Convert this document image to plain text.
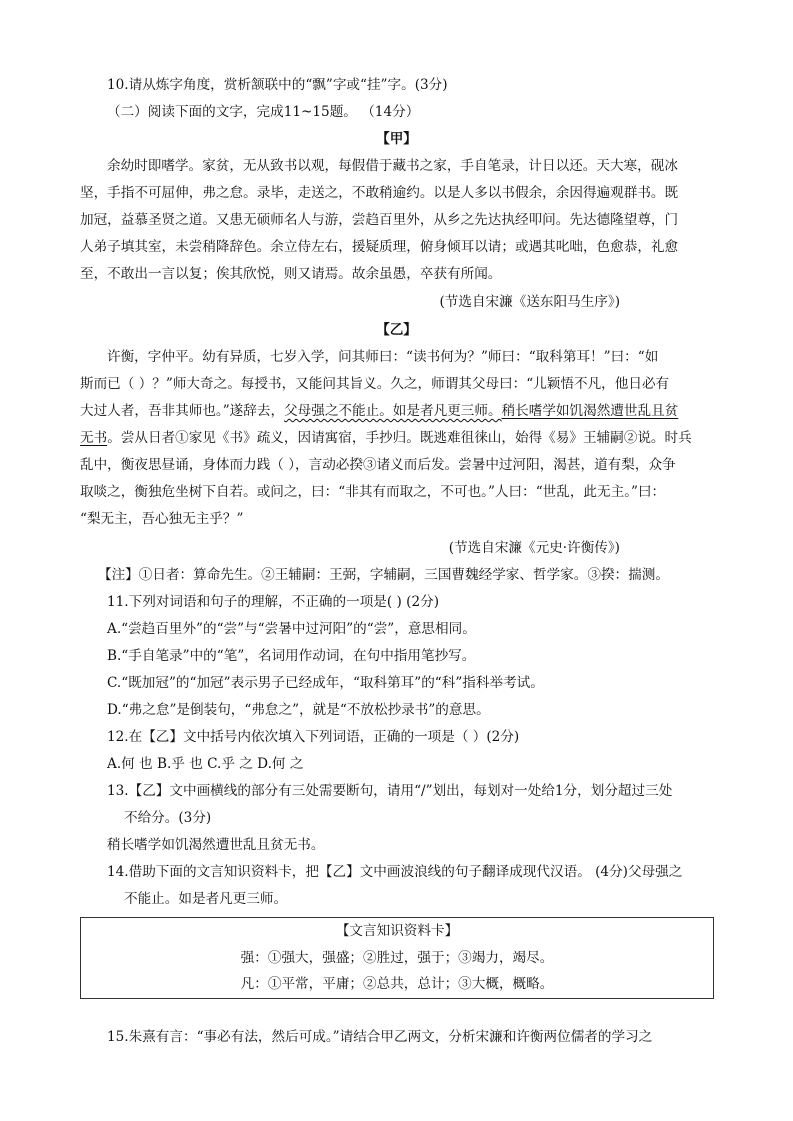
10.请从炼字角度，赏析颔联中的“飘”字或“挂”字。(3分)
（二）阅读下面的文字，完成11~15题。 （14分）
【甲】
余幼时即嗜学。家贫，无从致书以观，每假借于藏书之家，手自笔录，计日以还。天大寒，砚冰
坚，手指不可屈伸，弗之怠。录毕，走送之，不敢稍逾约。以是人多以书假余，余因得遍观群书。既
加冠，益慕圣贤之道。又患无硕师名人与游，尝趋百里外，从乡之先达执经叩问。先达德隆望尊，门
人弟子填其室，未尝稍降辞色。余立侍左右，援疑质理，俯身倾耳以请；或遇其叱咄，色愈恭，礼愈
至，不敢出一言以复；俟其欣悦，则又请焉。故余虽愚，卒获有所闻。
(节选自宋濂《送东阳马生序》)
【乙】
许衡，字仲平。幼有异质，七岁入学，问其师曰：“读书何为？”师曰：“取科第耳！”曰：“如
斯而已（ ）？”师大奇之。每授书，又能问其旨义。久之，师谓其父母曰：“儿颖悟不凡，他日必有
大过人者，吾非其师也。”遂辞去，父母强之不能止。如是者凡更三师。稍长嗜学如饥渴然遭世乱且贫
无书。尝从日者①家见《书》疏义，因请寓宿，手抄归。既逃难徂徕山，始得《易》王辅嗣②说。时兵
乱中，衡夜思昼诵，身体而力践（ ），言动必揆③诸义而后发。尝暑中过河阳，渴甚，道有梨，众争
取啖之，衡独危坐树下自若。或问之，曰：“非其有而取之，不可也。”人曰：“世乱，此无主。”曰：
“梨无主，吾心独无主乎？”
(节选自宋濂《元史·许衡传》)
【注】①日者：算命先生。②王辅嗣：王弼，字辅嗣，三国曹魏经学家、哲学家。③揆：揣测。
11.下列对词语和句子的理解，不正确的一项是( ) (2分)
A.“尝趋百里外”的“尝”与“尝暑中过河阳”的“尝”，意思相同。
B.“手自笔录”中的“笔”，名词用作动词，在句中指用笔抄写。
C.“既加冠”的“加冠”表示男子已经成年，“取科第耳”的“科”指科举考试。
D.“弗之怠”是倒装句，“弗怠之”，就是“不放松抄录书”的意思。
12.在【乙】文中括号内依次填入下列词语，正确的一项是（ ）(2分)
A.何 也 B.乎 也 C.乎 之 D.何 之
13.【乙】文中画横线的部分有三处需要断句，请用“/”划出，每划对一处给1分，划分超过三处
不给分。(3分)
稍长嗜学如饥渴然遭世乱且贫无书。
14.借助下面的文言知识资料卡，把【乙】文中画波浪线的句子翻译成现代汉语。 (4分)父母强之
不能止。如是者凡更三师。
【文言知识资料卡】
强：①强大，强盛；②胜过，强于；③竭力，竭尽。
凡：①平常，平庸；②总共，总计；③大概，概略。
15.朱熹有言：“事必有法，然后可成。”请结合甲乙两文，分析宋濂和许衡两位儒者的学习之
